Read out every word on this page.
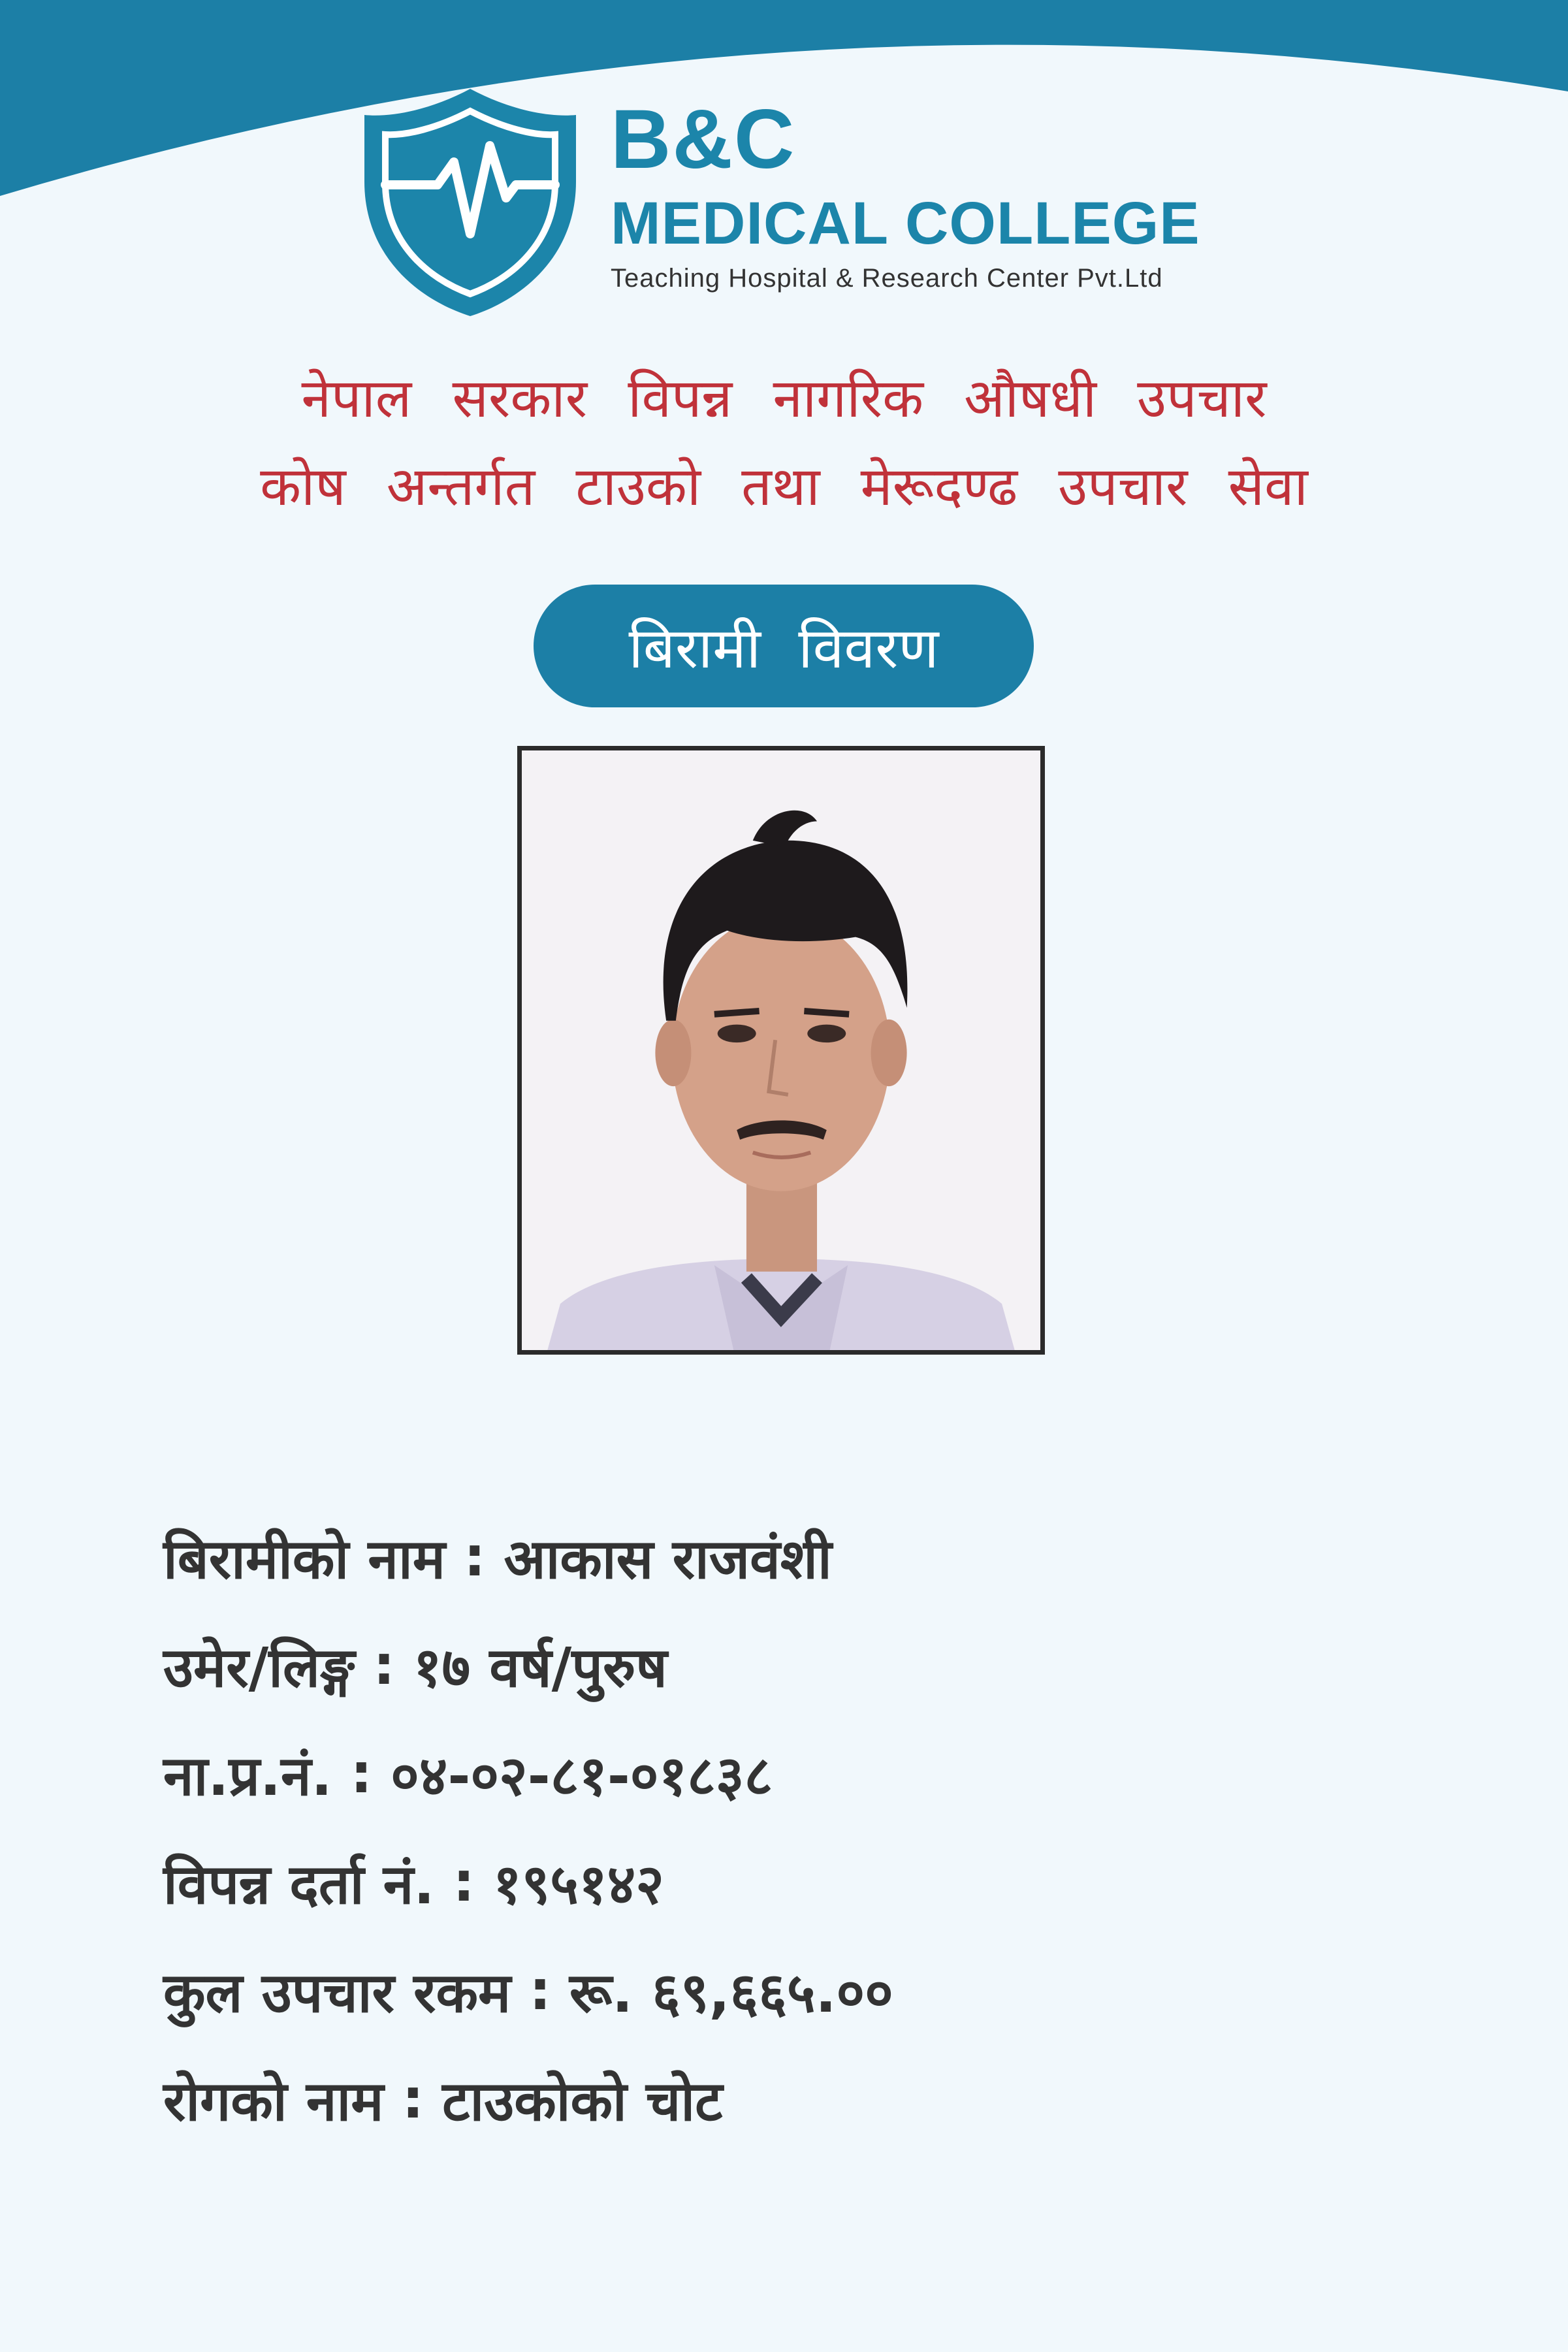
B&C
MEDICAL COLLEGE
Teaching Hospital & Research Center Pvt.Ltd
नेपाल सरकार विपन्न नागरिक औषधी उपचार
कोष अन्तर्गत टाउको तथा मेरूदण्ढ उपचार सेवा
बिरामी विवरण
बिरामीको नाम : आकास राजवंशी
उमेर/लिङ्ग : १७ वर्ष/पुरुष
ना.प्र.नं. : ०४-०२-८१-०१८३८
विपन्न दर्ता नं. : १९५१४२
कुल उपचार रकम : रू. ६९,६६५.००
रोगको नाम : टाउकोको चोट
